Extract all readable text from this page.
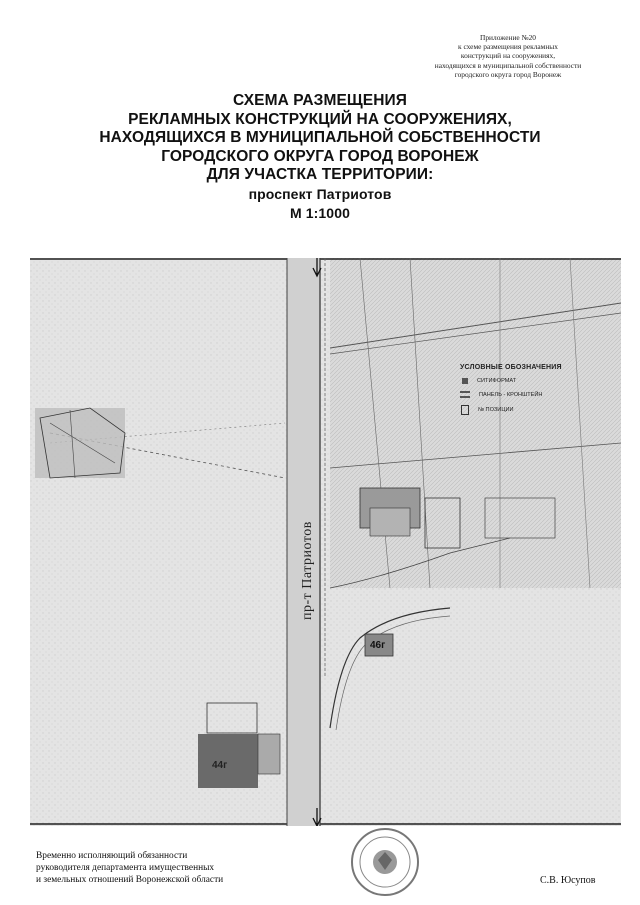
Приложение №20
к схеме размещения рекламных
конструкций на сооружениях,
находящихся в муниципальной собственности
городского округа город Воронеж
СХЕМА РАЗМЕЩЕНИЯ
РЕКЛАМНЫХ КОНСТРУКЦИЙ НА СООРУЖЕНИЯХ,
НАХОДЯЩИХСЯ В МУНИЦИПАЛЬНОЙ СОБСТВЕННОСТИ
ГОРОДСКОГО ОКРУГА ГОРОД ВОРОНЕЖ
ДЛЯ УЧАСТКА ТЕРРИТОРИИ:
проспект Патриотов
М 1:1000
УСЛОВНЫЕ ОБОЗНАЧЕНИЯ
СИТИФОРМАТ
ПАНЕЛЬ - КРОНШТЕЙН
№ ПОЗИЦИИ
46г
44г
пр-т Патриотов
Временно исполняющий обязанности
руководителя департамента имущественных
и земельных отношений Воронежской области	С.В. Юсупов
